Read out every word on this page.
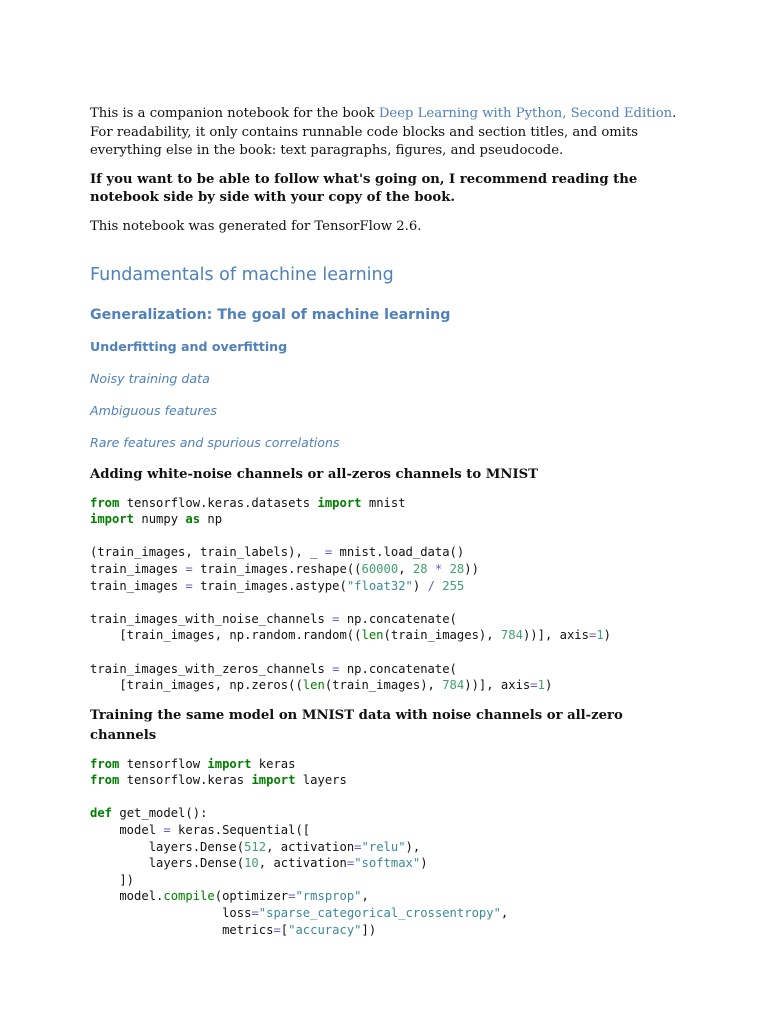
This is a companion notebook for the book Deep Learning with Python, Second Edition. For readability, it only contains runnable code blocks and section titles, and omits everything else in the book: text paragraphs, figures, and pseudocode.

If you want to be able to follow what's going on, I recommend reading the notebook side by side with your copy of the book.

This notebook was generated for TensorFlow 2.6.

Fundamentals of machine learning
Generalization: The goal of machine learning
Underfitting and overfitting
Noisy training data
Ambiguous features
Rare features and spurious correlations
Adding white-noise channels or all-zeros channels to MNIST
from tensorflow.keras.datasets import mnist
import numpy as np

(train_images, train_labels), _ = mnist.load_data()
train_images = train_images.reshape((60000, 28 * 28))
train_images = train_images.astype("float32") / 255

train_images_with_noise_channels = np.concatenate(
[train_images, np.random.random((len(train_images), 784))], axis=1)

train_images_with_zeros_channels = np.concatenate(
[train_images, np.zeros((len(train_images), 784))], axis=1)
Training the same model on MNIST data with noise channels or all-zero channels
from tensorflow import keras
from tensorflow.keras import layers

def get_model():
model = keras.Sequential([
layers.Dense(512, activation="relu"),
layers.Dense(10, activation="softmax")
])
model.compile(optimizer="rmsprop",
loss="sparse_categorical_crossentropy",
metrics=["accuracy"])
